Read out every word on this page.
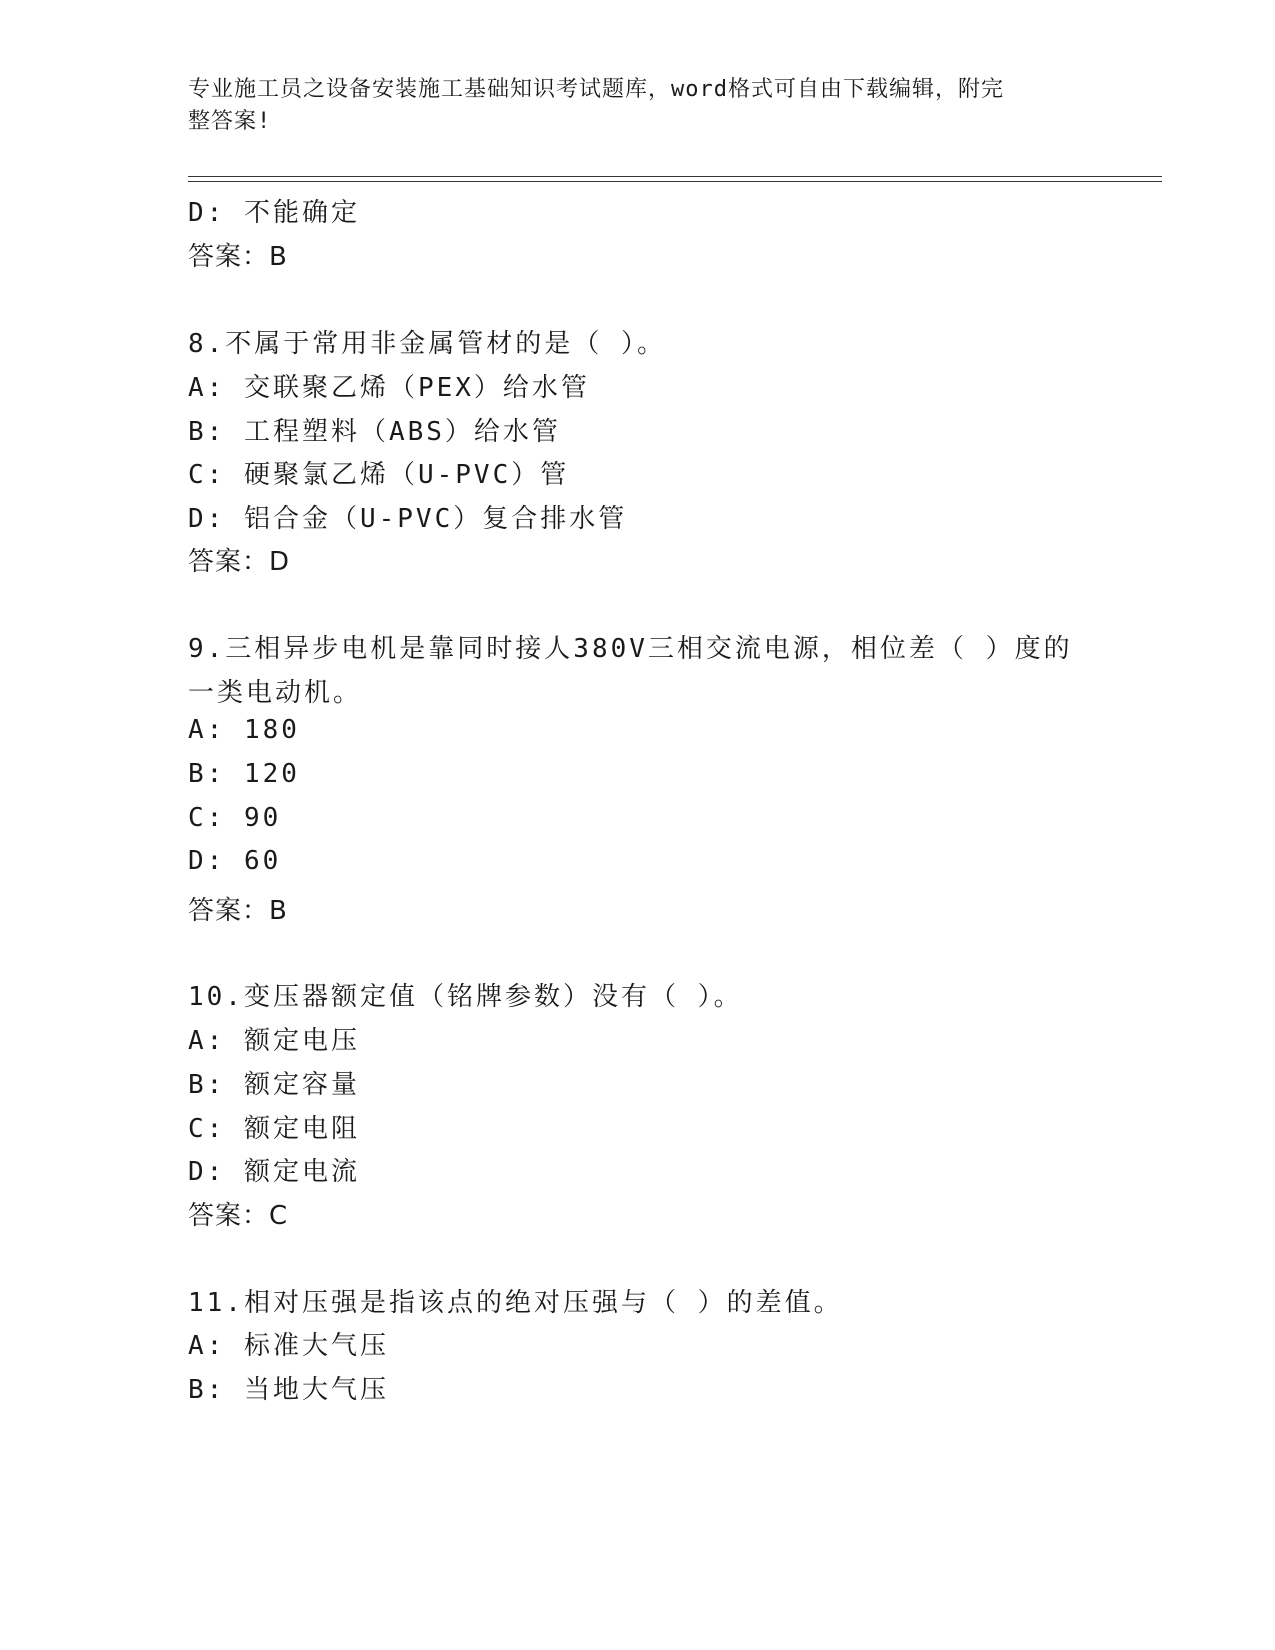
专业施工员之设备安装施工基础知识考试题库，word格式可自由下载编辑，附完
整答案!
D: 不能确定
答案：B
8.不属于常用非金属管材的是（ ）。
A: 交联聚乙烯（PEX）给水管
B: 工程塑料（ABS）给水管
C: 硬聚氯乙烯（U-PVC）管
D: 铝合金（U-PVC）复合排水管
答案：D
9.三相异步电机是靠同时接人380V三相交流电源，相位差（ ）度的
一类电动机。
A: 180
B: 120
C: 90
D: 60
答案：B
10.变压器额定值（铭牌参数）没有（ ）。
A: 额定电压
B: 额定容量
C: 额定电阻
D: 额定电流
答案：C
11.相对压强是指该点的绝对压强与（ ）的差值。
A: 标准大气压
B: 当地大气压
